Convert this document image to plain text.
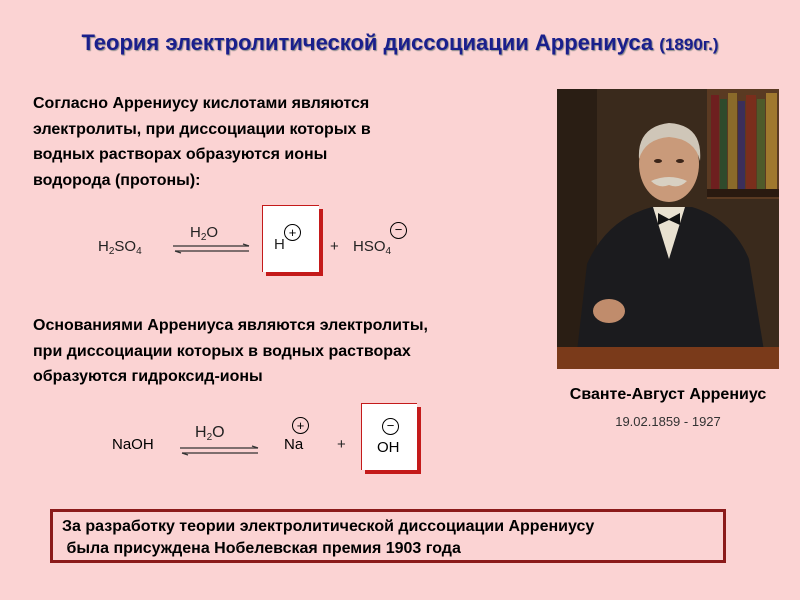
Теория электролитической диссоциации Аррениуса (1890г.)
Согласно Аррениусу кислотами являются
электролиты, при диссоциации которых в
водных растворах образуются ионы
водорода (протоны):
$H_2SO_4$
$H_2O$	+
H	+
−
$HSO_4$
Основаниями Аррениуса являются электролиты,
при диссоциации которых в водных растворах
образуются гидроксид-ионы
NaOH
$H_2O$	+
Na +
−
OH
Сванте-Август Аррениус
19.02.1859 - 1927
За разработку теории электролитической диссоциации Аррениусу
была присуждена Нобелевская премия 1903 года
